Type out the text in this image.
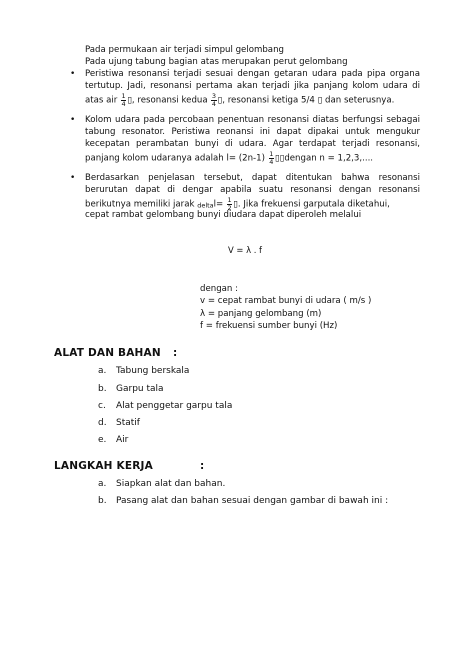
Pada permukaan air terjadi simpul gelombang
Pada ujung tabung bagian atas merupakan perut gelombang
• Peristiwa resonansi terjadi sesuai dengan getaran udara pada pipa organa
tertutup. Jadi, resonansi pertama akan terjadi jika panjang kolom udara di
atas air $\frac{1}{4}$ ▯, resonansi kedua $\frac{3}{4}$ ▯, resonansi ketiga 5/4 ▯ dan seterusnya.
• Kolom udara pada percobaan penentuan resonansi diatas berfungsi sebagai
tabung resonator. Peristiwa reonansi ini dapat dipakai untuk mengukur
kecepatan perambatan bunyi di udara. Agar terdapat terjadi resonansi,
panjang kolom udaranya adalah $l= (2n-1) \frac{1}{4}$ ▯▯dengan n = 1,2,3,....
• Berdasarkan penjelasan tersebut, dapat ditentukan bahwa resonansi
berurutan dapat di dengar apabila suatu resonansi dengan resonansi
berikutnya memiliki jarak deltal= $\frac{1}{2}$ ▯. Jika frekuensi garputala diketahui,
cepat rambat gelombang bunyi diudara dapat diperoleh melalui
V = λ . f
dengan :
v = cepat rambat bunyi di udara ( m/s )
λ = panjang gelombang (m)
f = frekuensi sumber bunyi (Hz)
ALAT DAN BAHAN :
a. Tabung berskala
b. Garpu tala
c. Alat penggetar garpu tala
d. Statif
e. Air
LANGKAH KERJA	:
a. Siapkan alat dan bahan.
b. Pasang alat dan bahan sesuai dengan gambar di bawah ini :
